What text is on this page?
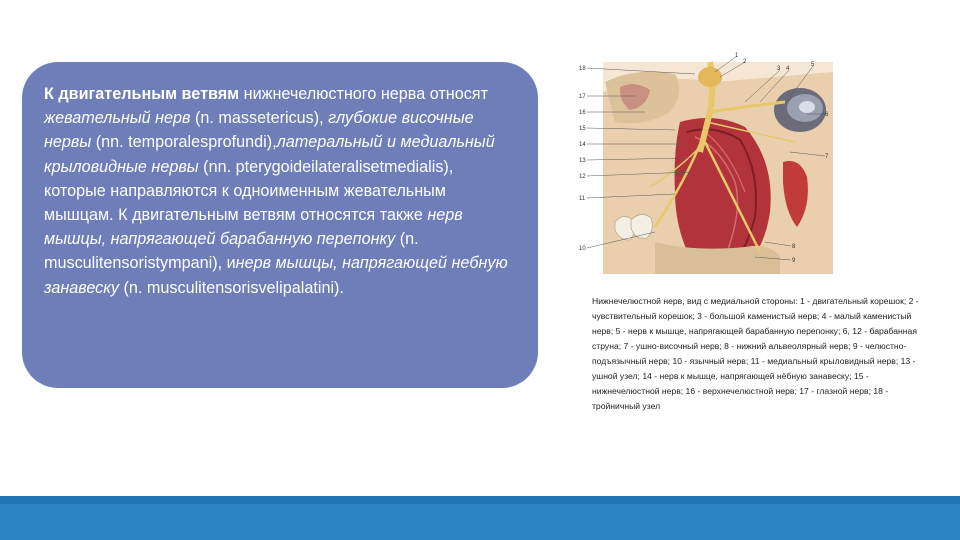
К двигательным ветвям нижнечелюстного нерва относят жевательный нерв (n. massetericus), глубокие височные нервы (nn. temporalesprofundi),латеральный и медиальный крыловидные нервы (nn. pterygoideilateralisetmedialis), которые направляются к одноименным жевательным мышцам. К двигательным ветвям относятся также нерв мышцы, напрягающей барабанную перепонку (n. musculitensoristympani), инерв мышцы, напрягающей небную занавеску (n. musculitensorisvelipalatini).

18
17
16
15
14
13
12
11
10
1
2
3 4
5
6
7
8
9

Нижнечелюстной нерв, вид с медиальной стороны: 1 - двигательный корешок; 2 - чувствительный корешок; 3 - большой каменистый нерв; 4 - малый каменистый нерв; 5 - нерв к мышце, напрягающей барабанную перепонку; 6, 12 - барабанная струна; 7 - ушно-височный нерв; 8 - нижний альвеолярный нерв; 9 - челюстно-подъязычный нерв; 10 - язычный нерв; 11 - медиальный крыловидный нерв; 13 - ушной узел; 14 - нерв к мышце, напрягающей нёбную занавеску; 15 - нижнечелюстной нерв; 16 - верхнечелюстной нерв; 17 - глазной нерв; 18 - тройничный узел
